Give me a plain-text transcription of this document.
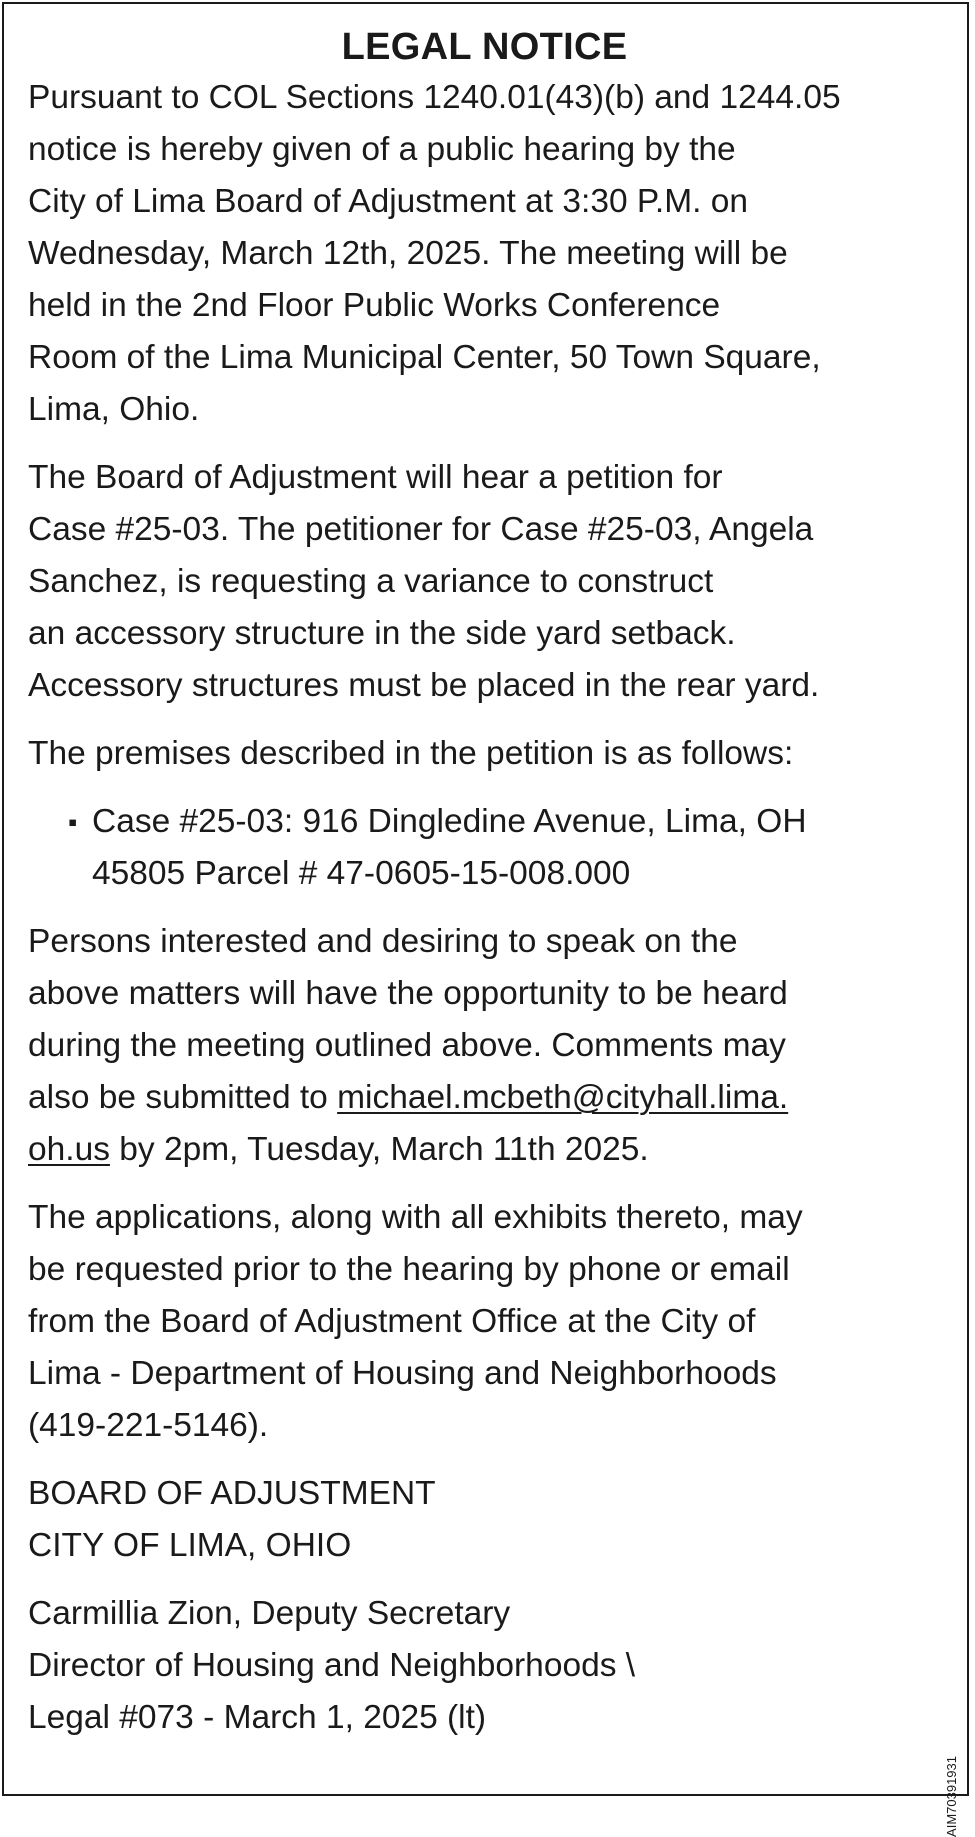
LEGAL NOTICE
Pursuant to COL Sections 1240.01(43)(b) and 1244.05
notice is hereby given of a public hearing by the
City of Lima Board of Adjustment at 3:30 P.M. on
Wednesday, March 12th, 2025. The meeting will be
held in the 2nd Floor Public Works Conference
Room of the Lima Municipal Center, 50 Town Square,
Lima, Ohio.
The Board of Adjustment will hear a petition for
Case #25-03. The petitioner for Case #25-03, Angela
Sanchez, is requesting a variance to construct
an accessory structure in the side yard setback.
Accessory structures must be placed in the rear yard.
The premises described in the petition is as follows:
▪ Case #25-03: 916 Dingledine Avenue, Lima, OH
45805 Parcel # 47-0605-15-008.000
Persons interested and desiring to speak on the
above matters will have the opportunity to be heard
during the meeting outlined above. Comments may
also be submitted to michael.mcbeth@cityhall.lima.
oh.us by 2pm, Tuesday, March 11th 2025.
The applications, along with all exhibits thereto, may
be requested prior to the hearing by phone or email
from the Board of Adjustment Office at the City of
Lima - Department of Housing and Neighborhoods
(419-221-5146).
BOARD OF ADJUSTMENT
CITY OF LIMA, OHIO
Carmillia Zion, Deputy Secretary
Director of Housing and Neighborhoods \
Legal #073 - March 1, 2025 (lt)
AIM70391931
